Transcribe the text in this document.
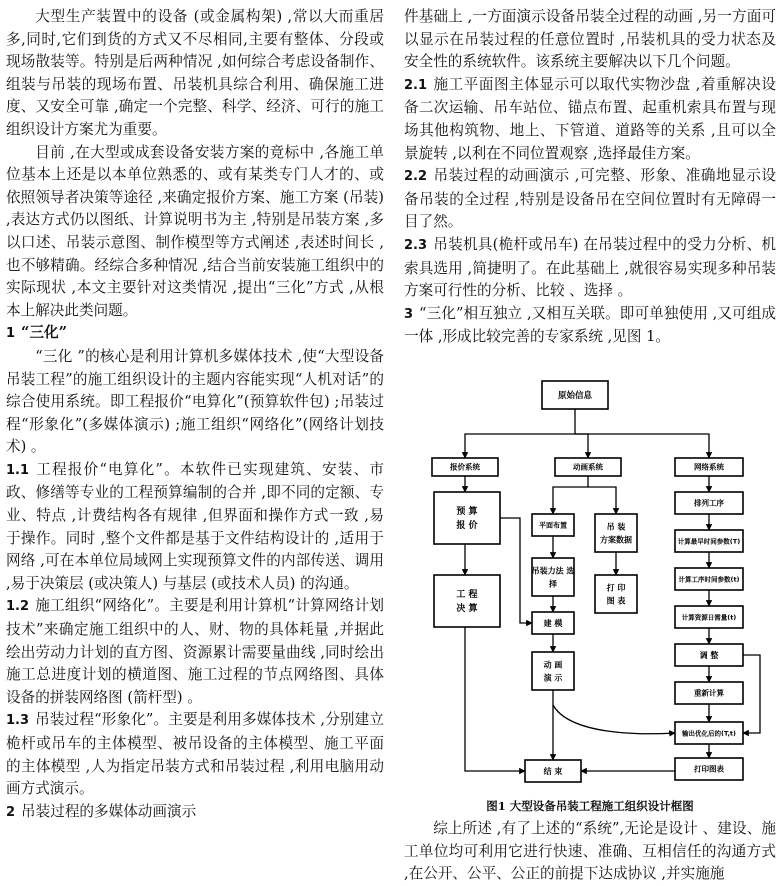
大型生产装置中的设备 (或金属构架) ,常以大而重居多,同时,它们到货的方式又不尽相同,主要有整体、分段或现场散装等。特别是后两种情况 ,如何综合考虑设备制作、组装与吊装的现场布置、吊装机具综合利用、确保施工进度、又安全可靠 ,确定一个完整、科学、经济、可行的施工组织设计方案尤为重要。

目前 ,在大型或成套设备安装方案的竟标中 ,各施工单位基本上还是以本单位熟悉的、或有某类专门人才的、或依照领导者决策等途径 ,来确定报价方案、施工方案 (吊装) ,表达方式仍以图纸、计算说明书为主 ,特别是吊装方案 ,多以口述、吊装示意图、制作模型等方式阐述 ,表述时间长 ,也不够精确。经综合多种情况 ,结合当前安装施工组织中的实际现状 ,本文主要针对这类情况 ,提出“三化”方式 ,从根本上解决此类问题。

1 “三化”

“三化 ”的核心是利用计算机多媒体技术 ,使“大型设备吊装工程”的施工组织设计的主题内容能实现“人机对话”的综合使用系统。即工程报价“电算化”(预算软件包) ;吊装过程“形象化”(多媒体演示) ;施工组织“网络化”(网络计划技术) 。

1.1 工程报价“电算化”。本软件已实现建筑、安装、市政、修缮等专业的工程预算编制的合并 ,即不同的定额、专业、特点 ,计费结构各有规律 ,但界面和操作方式一致 ,易于操作。同时 ,整个文件都是基于文件结构设计的 ,适用于网络 ,可在本单位局域网上实现预算文件的内部传送、调用 ,易于决策层 (或决策人) 与基层 (或技术人员) 的沟通。

1.2 施工组织“网络化”。主要是利用计算机“计算网络计划技术”来确定施工组织中的人、财、物的具体耗量 ,并据此绘出劳动力计划的直方图、资源累计需要量曲线 ,同时绘出施工总进度计划的横道图、施工过程的节点网络图、具体设备的拼装网络图 (箭杆型) 。

1.3 吊装过程“形象化”。主要是利用多媒体技术 ,分别建立桅杆或吊车的主体模型、被吊设备的主体模型、施工平面的主体模型 ,人为指定吊装方式和吊装过程 ,利用电脑用动画方式演示。

2 吊装过程的多媒体动画演示

件基础上 ,一方面演示设备吊装全过程的动画 ,另一方面可以显示在吊装过程的任意位置时 ,吊装机具的受力状态及安全性的系统软件。该系统主要解决以下几个问题。

2.1 施工平面图主体显示可以取代实物沙盘 ,着重解决设备二次运输、吊车站位、锚点布置、起重机索具布置与现场其他构筑物、地上、下管道、道路等的关系 ,且可以全景旋转 ,以利在不同位置观察 ,选择最佳方案。

2.2 吊装过程的动画演示 ,可完整、形象、准确地显示设备吊装的全过程 ,特别是设备吊在空间位置时有无障碍一目了然。

2.3 吊装机具(桅杆或吊车) 在吊装过程中的受力分析、机索具选用 ,简捷明了。在此基础上 ,就很容易实现多种吊装方案可行性的分析、比较 、选择 。

3 “三化”相互独立 ,又相互关联。即可单独使用 ,又可组成一体 ,形成比较完善的专家系统 ,见图 1。

原始信息
报价系统	动画系统	网络系统
预 算
报 价	平面布置	吊 装
方案数据
排列工序
吊装力法 选
择
计算最早时间参数(T)
工 程
决 算
打 印
图 表
计算工序时间参数(t)
建 模
计算资源日需量(t)
动 画
演 示
调 整
重新计算
输出优化后的(T,t)
结 束	打印图表
图1 大型设备吊装工程施工组织设计框图

综上所述 ,有了上述的“系统”,无论是设计 、建设、施工单位均可利用它进行快速、准确、互相信任的沟通方式 ,在公开、公平、公正的前提下达成协议 ,并实施施
